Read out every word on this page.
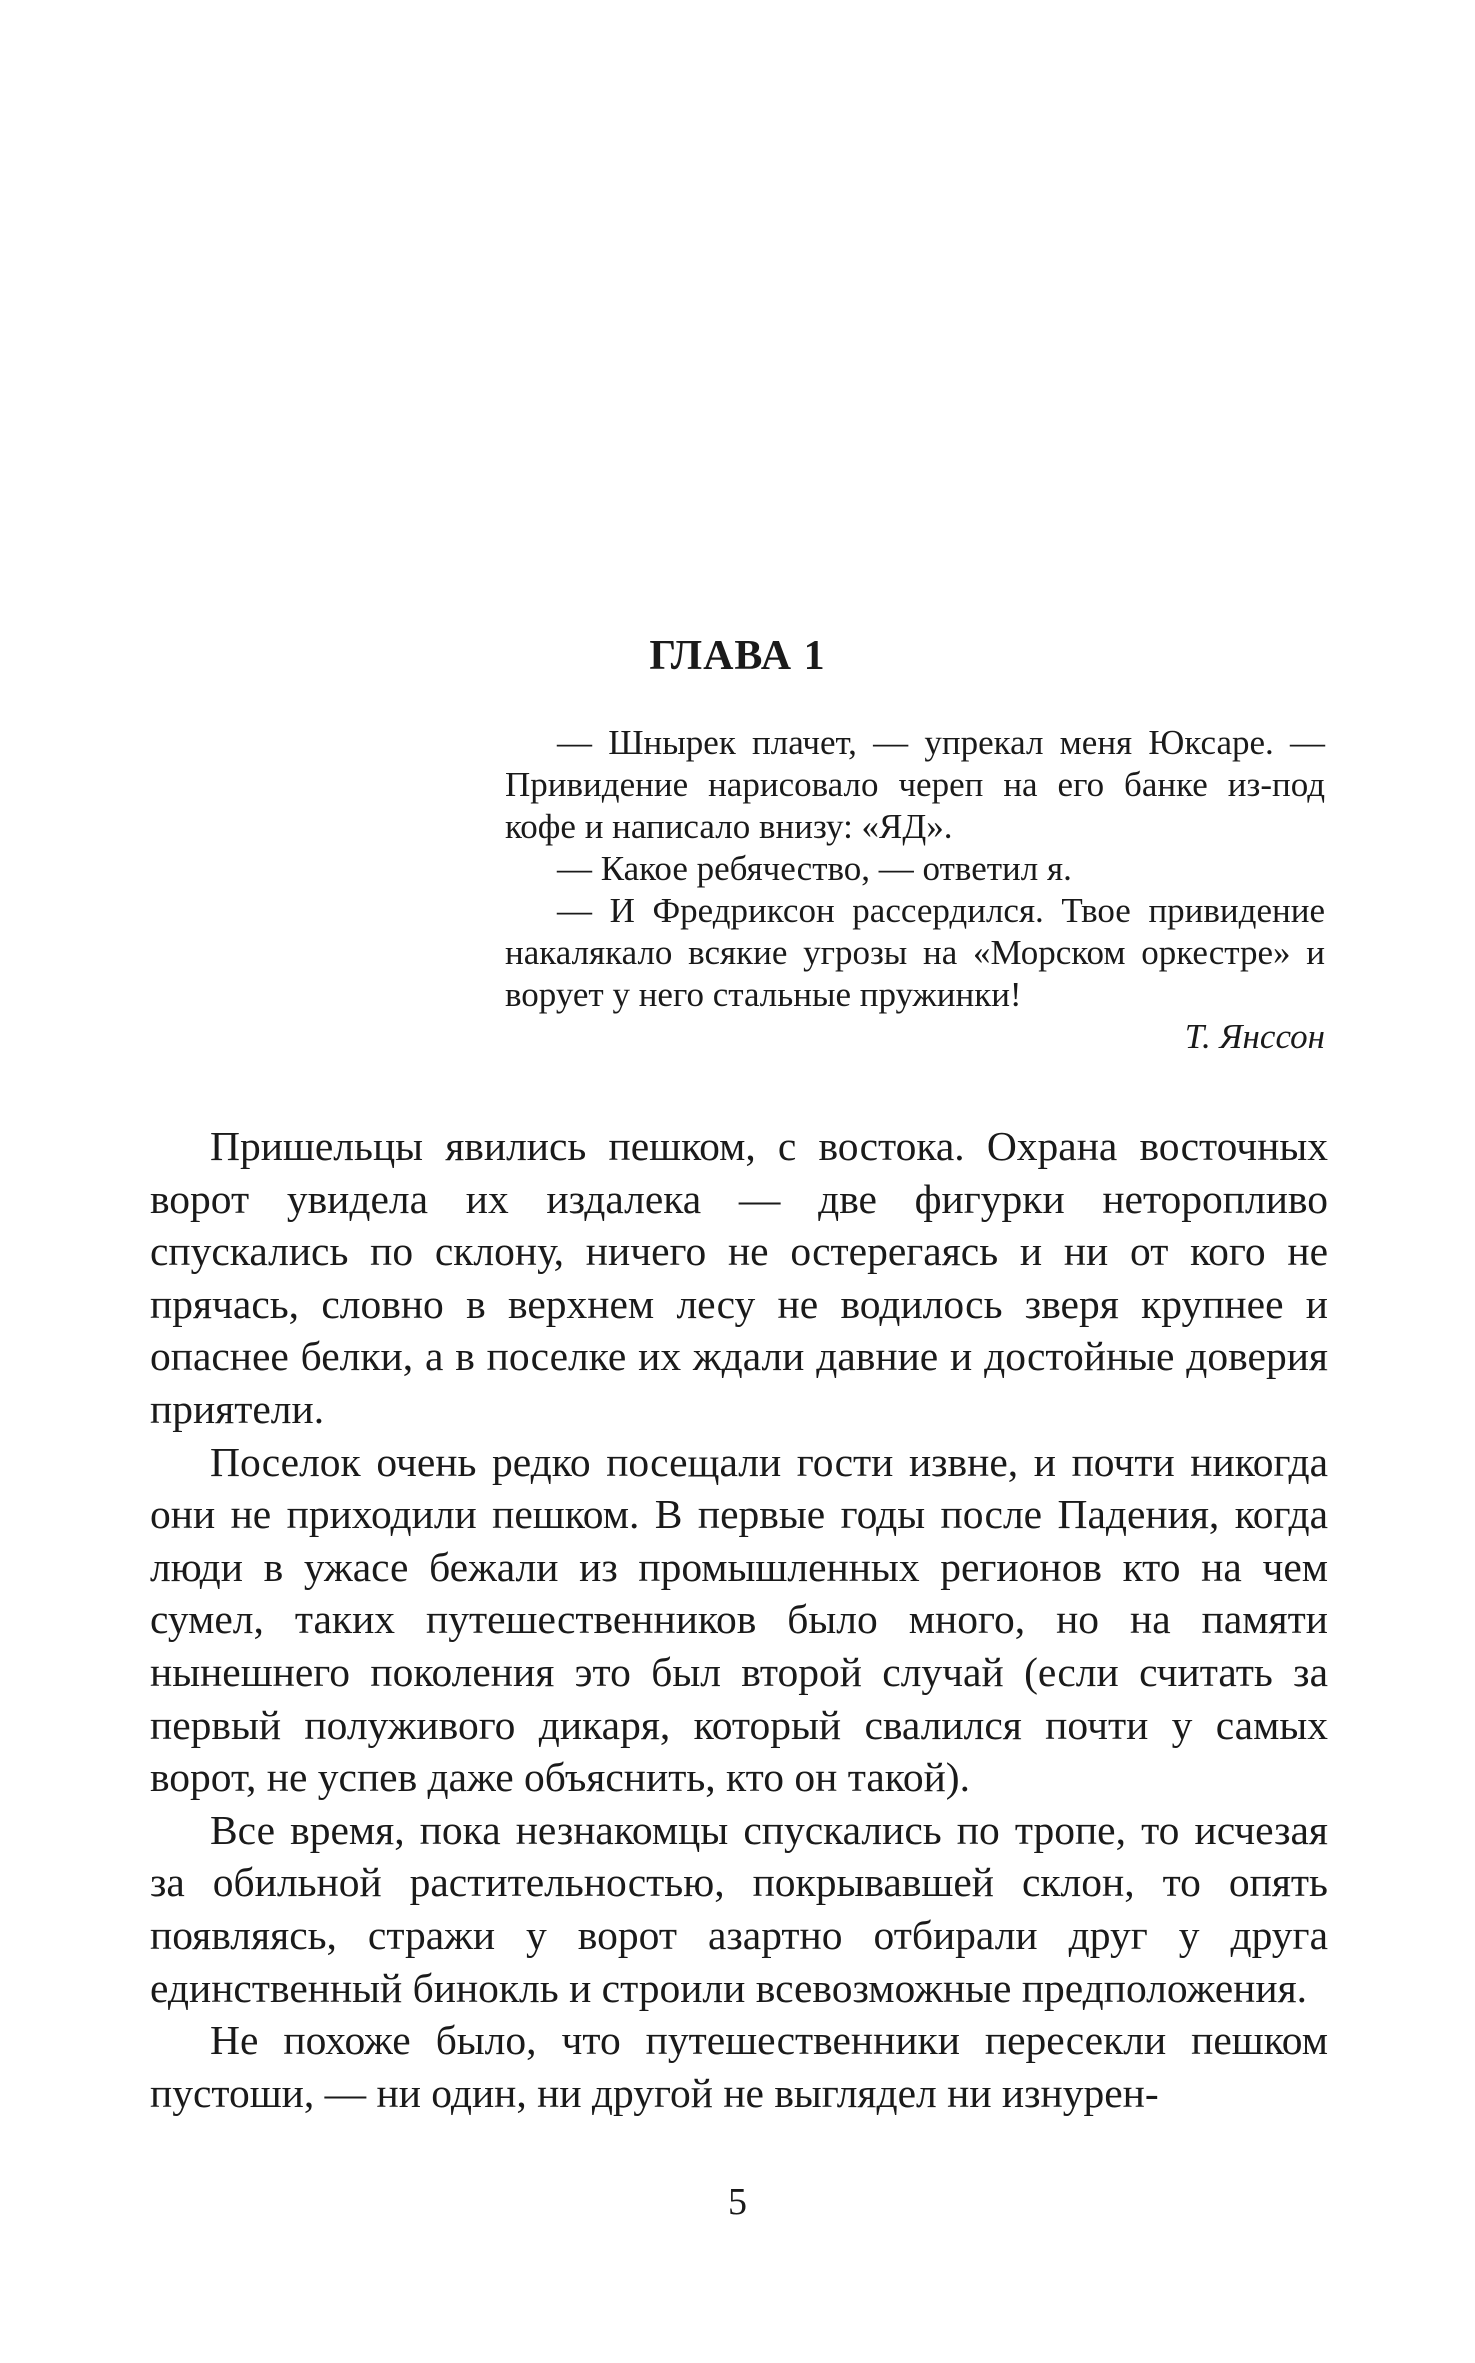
ГЛАВА 1

— Шнырек плачет, — упрекал меня Юксаре. — Привидение нарисовало череп на его банке из-под кофе и написало внизу: «ЯД».

— Какое ребячество, — ответил я.

— И Фредриксон рассердился. Твое привидение накалякало всякие угрозы на «Морском оркестре» и ворует у него стальные пружинки!

Т. Янссон

Пришельцы явились пешком, с востока. Охрана восточных ворот увидела их издалека — две фигурки неторопливо спускались по склону, ничего не остерегаясь и ни от кого не прячась, словно в верхнем лесу не водилось зверя крупнее и опаснее белки, а в поселке их ждали давние и достойные доверия приятели.

Поселок очень редко посещали гости извне, и почти никогда они не приходили пешком. В первые годы после Падения, когда люди в ужасе бежали из промышленных регионов кто на чем сумел, таких путешественников было много, но на памяти нынешнего поколения это был второй случай (если считать за первый полуживого дикаря, который свалился почти у самых ворот, не успев даже объяснить, кто он такой).

Все время, пока незнакомцы спускались по тропе, то исчезая за обильной растительностью, покрывавшей склон, то опять появляясь, стражи у ворот азартно отбирали друг у друга единственный бинокль и строили всевозможные предположения.

Не похоже было, что путешественники пересекли пешком пустоши, — ни один, ни другой не выглядел ни изнурен-

5
